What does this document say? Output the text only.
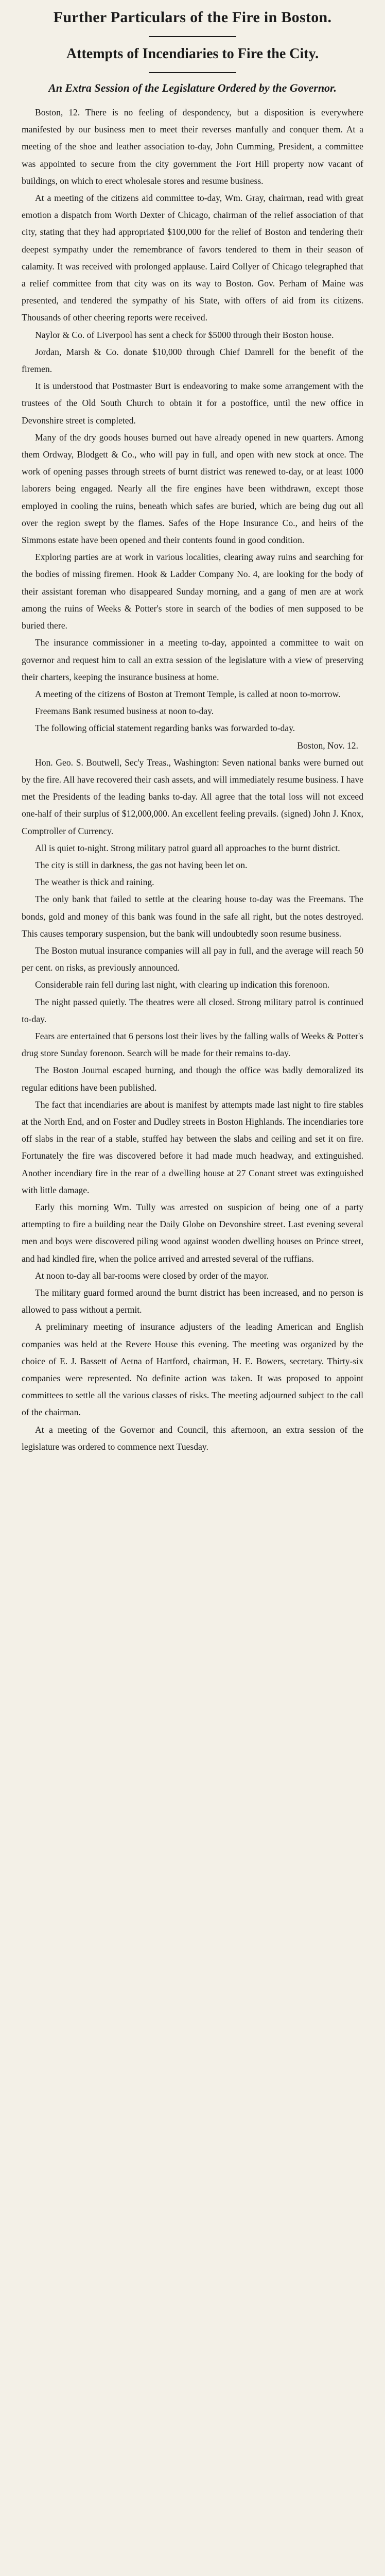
Further Particulars of the Fire in Boston.
Attempts of Incendiaries to Fire the City.
An Extra Session of the Legislature Ordered by the Governor.

Boston, 12. There is no feeling of despondency, but a disposition is everywhere manifested by our business men to meet their reverses manfully and conquer them. At a meeting of the shoe and leather association to-day, John Cumming, President, a committee was appointed to secure from the city government the Fort Hill property now vacant of buildings, on which to erect wholesale stores and resume business.

At a meeting of the citizens aid committee to-day, Wm. Gray, chairman, read with great emotion a dispatch from Worth Dexter of Chicago, chairman of the relief association of that city, stating that they had appropriated $100,000 for the relief of Boston and tendering their deepest sympathy under the remembrance of favors tendered to them in their season of calamity. It was received with prolonged applause. Laird Collyer of Chicago telegraphed that a relief committee from that city was on its way to Boston. Gov. Perham of Maine was presented, and tendered the sympathy of his State, with offers of aid from its citizens. Thousands of other cheering reports were received.

Naylor & Co. of Liverpool has sent a check for $5000 through their Boston house.

Jordan, Marsh & Co. donate $10,000 through Chief Damrell for the benefit of the firemen.

It is understood that Postmaster Burt is endeavoring to make some arrangement with the trustees of the Old South Church to obtain it for a postoffice, until the new office in Devonshire street is completed.

Many of the dry goods houses burned out have already opened in new quarters. Among them Ordway, Blodgett & Co., who will pay in full, and open with new stock at once. The work of opening passes through streets of burnt district was renewed to-day, or at least 1000 laborers being engaged. Nearly all the fire engines have been withdrawn, except those employed in cooling the ruins, beneath which safes are buried, which are being dug out all over the region swept by the flames. Safes of the Hope Insurance Co., and heirs of the Simmons estate have been opened and their contents found in good condition.

Exploring parties are at work in various localities, clearing away ruins and searching for the bodies of missing firemen. Hook & Ladder Company No. 4, are looking for the body of their assistant foreman who disappeared Sunday morning, and a gang of men are at work among the ruins of Weeks & Potter's store in search of the bodies of men supposed to be buried there.

The insurance commissioner in a meeting to-day, appointed a committee to wait on governor and request him to call an extra session of the legislature with a view of preserving their charters, keeping the insurance business at home.

A meeting of the citizens of Boston at Tremont Temple, is called at noon to-morrow.

Freemans Bank resumed business at noon to-day.

The following official statement regarding banks was forwarded to-day.

Boston, Nov. 12.

Hon. Geo. S. Boutwell, Sec'y Treas., Washington: Seven national banks were burned out by the fire. All have recovered their cash assets, and will immediately resume business. I have met the Presidents of the leading banks to-day. All agree that the total loss will not exceed one-half of their surplus of $12,000,000. An excellent feeling prevails. (signed) John J. Knox, Comptroller of Currency.

All is quiet to-night. Strong military patrol guard all approaches to the burnt district.

The city is still in darkness, the gas not having been let on.

The weather is thick and raining.

The only bank that failed to settle at the clearing house to-day was the Freemans. The bonds, gold and money of this bank was found in the safe all right, but the notes destroyed. This causes temporary suspension, but the bank will undoubtedly soon resume business.

The Boston mutual insurance companies will all pay in full, and the average will reach 50 per cent. on risks, as previously announced.

Considerable rain fell during last night, with clearing up indication this forenoon.

The night passed quietly. The theatres were all closed. Strong military patrol is continued to-day.

Fears are entertained that 6 persons lost their lives by the falling walls of Weeks & Potter's drug store Sunday forenoon. Search will be made for their remains to-day.

The Boston Journal escaped burning, and though the office was badly demoralized its regular editions have been published.

The fact that incendiaries are about is manifest by attempts made last night to fire stables at the North End, and on Foster and Dudley streets in Boston Highlands. The incendiaries tore off slabs in the rear of a stable, stuffed hay between the slabs and ceiling and set it on fire. Fortunately the fire was discovered before it had made much headway, and extinguished. Another incendiary fire in the rear of a dwelling house at 27 Conant street was extinguished with little damage.

Early this morning Wm. Tully was arrested on suspicion of being one of a party attempting to fire a building near the Daily Globe on Devonshire street. Last evening several men and boys were discovered piling wood against wooden dwelling houses on Prince street, and had kindled fire, when the police arrived and arrested several of the ruffians.

At noon to-day all bar-rooms were closed by order of the mayor.

The military guard formed around the burnt district has been increased, and no person is allowed to pass without a permit.

A preliminary meeting of insurance adjusters of the leading American and English companies was held at the Revere House this evening. The meeting was organized by the choice of E. J. Bassett of Aetna of Hartford, chairman, H. E. Bowers, secretary. Thirty-six companies were represented. No definite action was taken. It was proposed to appoint committees to settle all the various classes of risks. The meeting adjourned subject to the call of the chairman.

At a meeting of the Governor and Council, this afternoon, an extra session of the legislature was ordered to commence next Tuesday.
